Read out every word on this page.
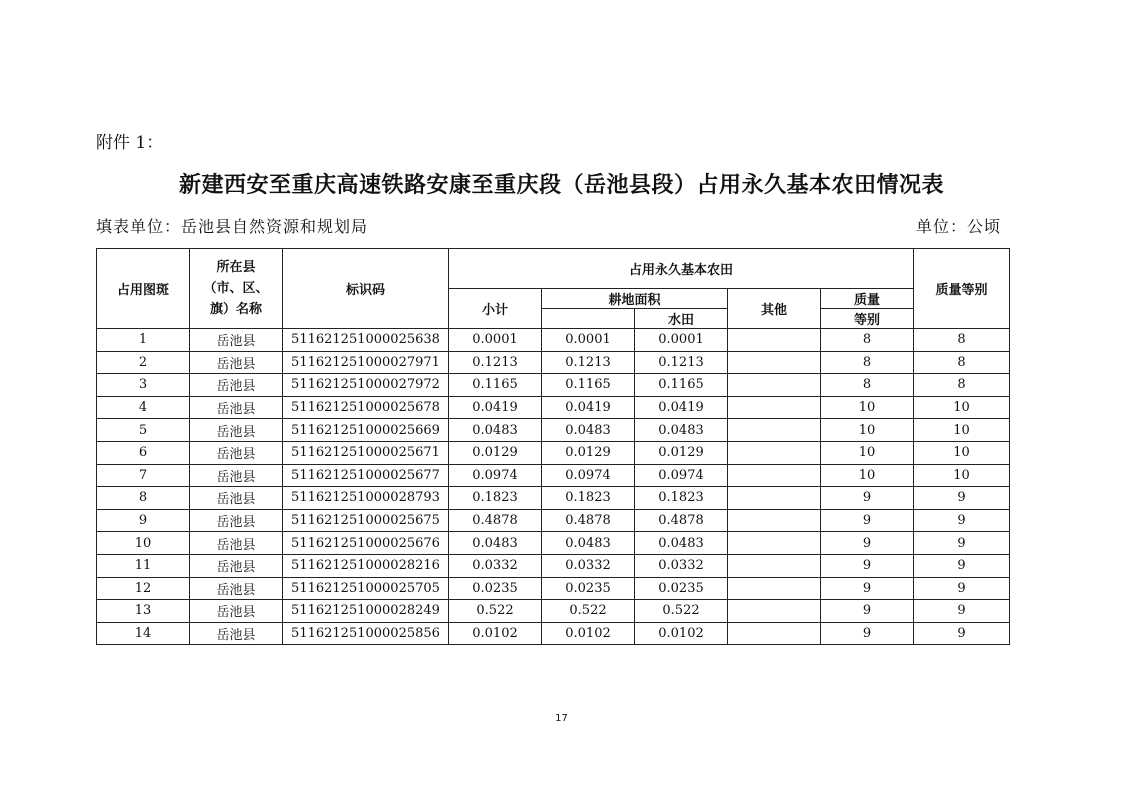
附件 1：
新建西安至重庆高速铁路安康至重庆段（岳池县段）占用永久基本农田情况表
填表单位：岳池县自然资源和规划局	单位：公顷
占用图斑	所在县（市、区、旗）名称	标识码	占用永久基本农田					质量等别
			小计	耕地面积		其他	质量	
					水田		等别	
1	岳池县	511621251000025638	0.0001	0.0001	0.0001		8	8
2	岳池县	511621251000027971	0.1213	0.1213	0.1213		8	8
3	岳池县	511621251000027972	0.1165	0.1165	0.1165		8	8
4	岳池县	511621251000025678	0.0419	0.0419	0.0419		10	10
5	岳池县	511621251000025669	0.0483	0.0483	0.0483		10	10
6	岳池县	511621251000025671	0.0129	0.0129	0.0129		10	10
7	岳池县	511621251000025677	0.0974	0.0974	0.0974		10	10
8	岳池县	511621251000028793	0.1823	0.1823	0.1823		9	9
9	岳池县	511621251000025675	0.4878	0.4878	0.4878		9	9
10	岳池县	511621251000025676	0.0483	0.0483	0.0483		9	9
11	岳池县	511621251000028216	0.0332	0.0332	0.0332		9	9
12	岳池县	511621251000025705	0.0235	0.0235	0.0235		9	9
13	岳池县	511621251000028249	0.522	0.522	0.522		9	9
14	岳池县	511621251000025856	0.0102	0.0102	0.0102		9	9
17
